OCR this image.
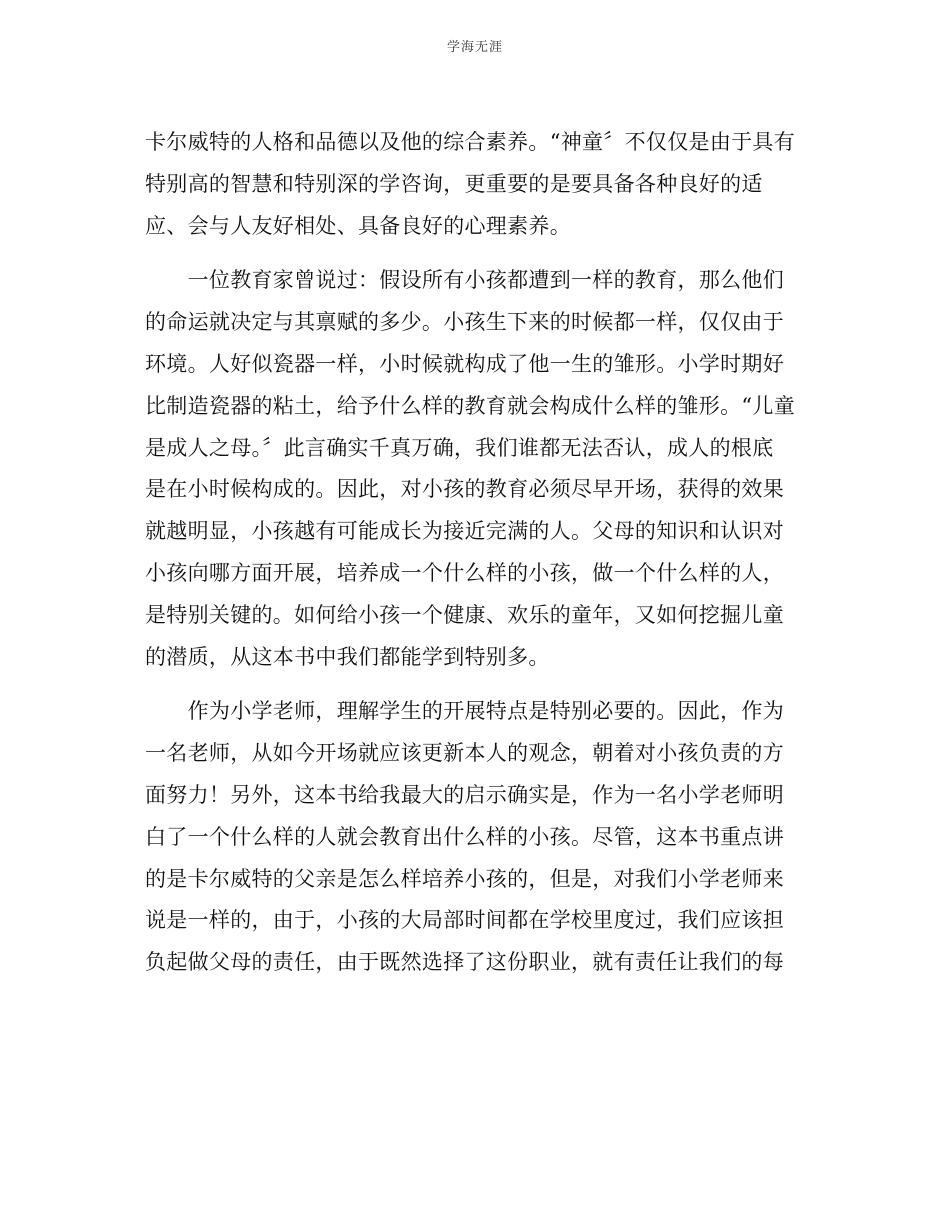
学海无涯
卡尔威特的人格和品德以及他的综合素养。“神童〞不仅仅是由于具有
特别高的智慧和特别深的学咨询，更重要的是要具备各种良好的适
应、会与人友好相处、具备良好的心理素养。
　　一位教育家曾说过：假设所有小孩都遭到一样的教育，那么他们
的命运就决定与其禀赋的多少。小孩生下来的时候都一样，仅仅由于
环境。人好似瓷器一样，小时候就构成了他一生的雏形。小学时期好
比制造瓷器的粘土，给予什么样的教育就会构成什么样的雏形。“儿童
是成人之母。〞此言确实千真万确，我们谁都无法否认，成人的根底
是在小时候构成的。因此，对小孩的教育必须尽早开场，获得的效果
就越明显，小孩越有可能成长为接近完满的人。父母的知识和认识对
小孩向哪方面开展，培养成一个什么样的小孩，做一个什么样的人，
是特别关键的。如何给小孩一个健康、欢乐的童年，又如何挖掘儿童
的潜质，从这本书中我们都能学到特别多。
　　作为小学老师，理解学生的开展特点是特别必要的。因此，作为
一名老师，从如今开场就应该更新本人的观念，朝着对小孩负责的方
面努力！另外，这本书给我最大的启示确实是，作为一名小学老师明
白了一个什么样的人就会教育出什么样的小孩。尽管，这本书重点讲
的是卡尔威特的父亲是怎么样培养小孩的，但是，对我们小学老师来
说是一样的，由于，小孩的大局部时间都在学校里度过，我们应该担
负起做父母的责任，由于既然选择了这份职业，就有责任让我们的每
